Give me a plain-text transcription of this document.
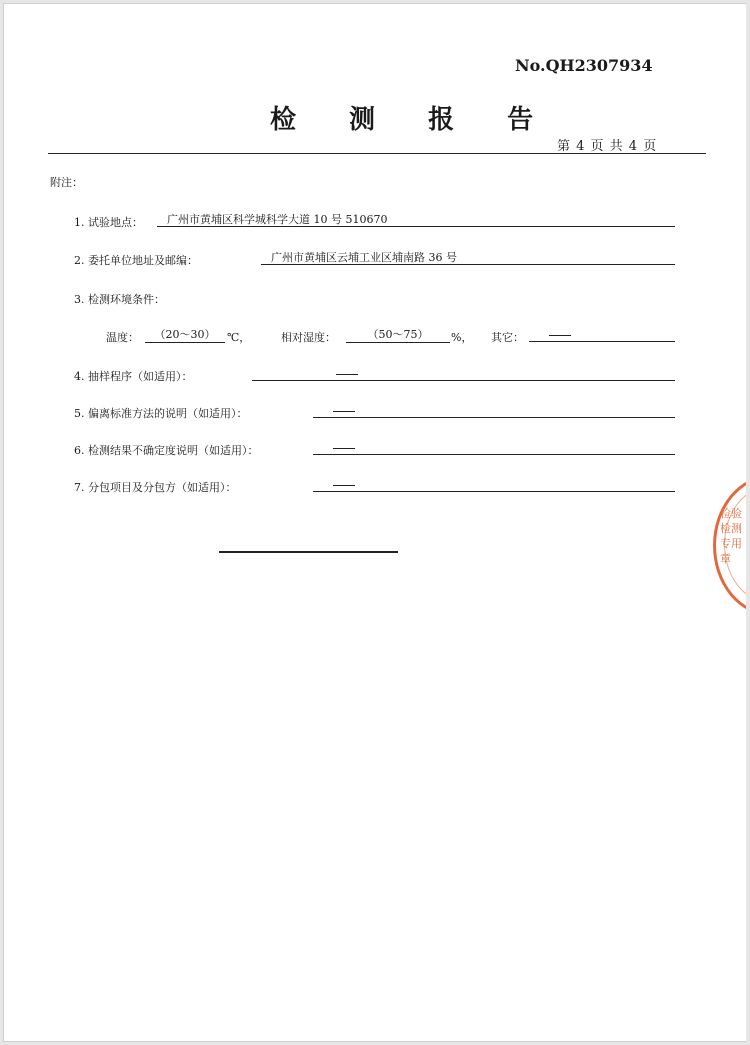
No.QH2307934
检 测 报 告
第 4 页 共 4 页
附注：
1. 试验地点：	广州市黄埔区科学城科学大道 10 号 510670
2. 委托单位地址及邮编：	广州市黄埔区云埔工业区埔南路 36 号
3. 检测环境条件：
温度：	（20～30）	℃，	相对湿度：	（50～75）	%， 其它：
4. 抽样程序（如适用）：
5. 偏离标准方法的说明（如适用）：
6. 检测结果不确定度说明（如适用）：
7. 分包项目及分包方（如适用）：
检验检测专用章
